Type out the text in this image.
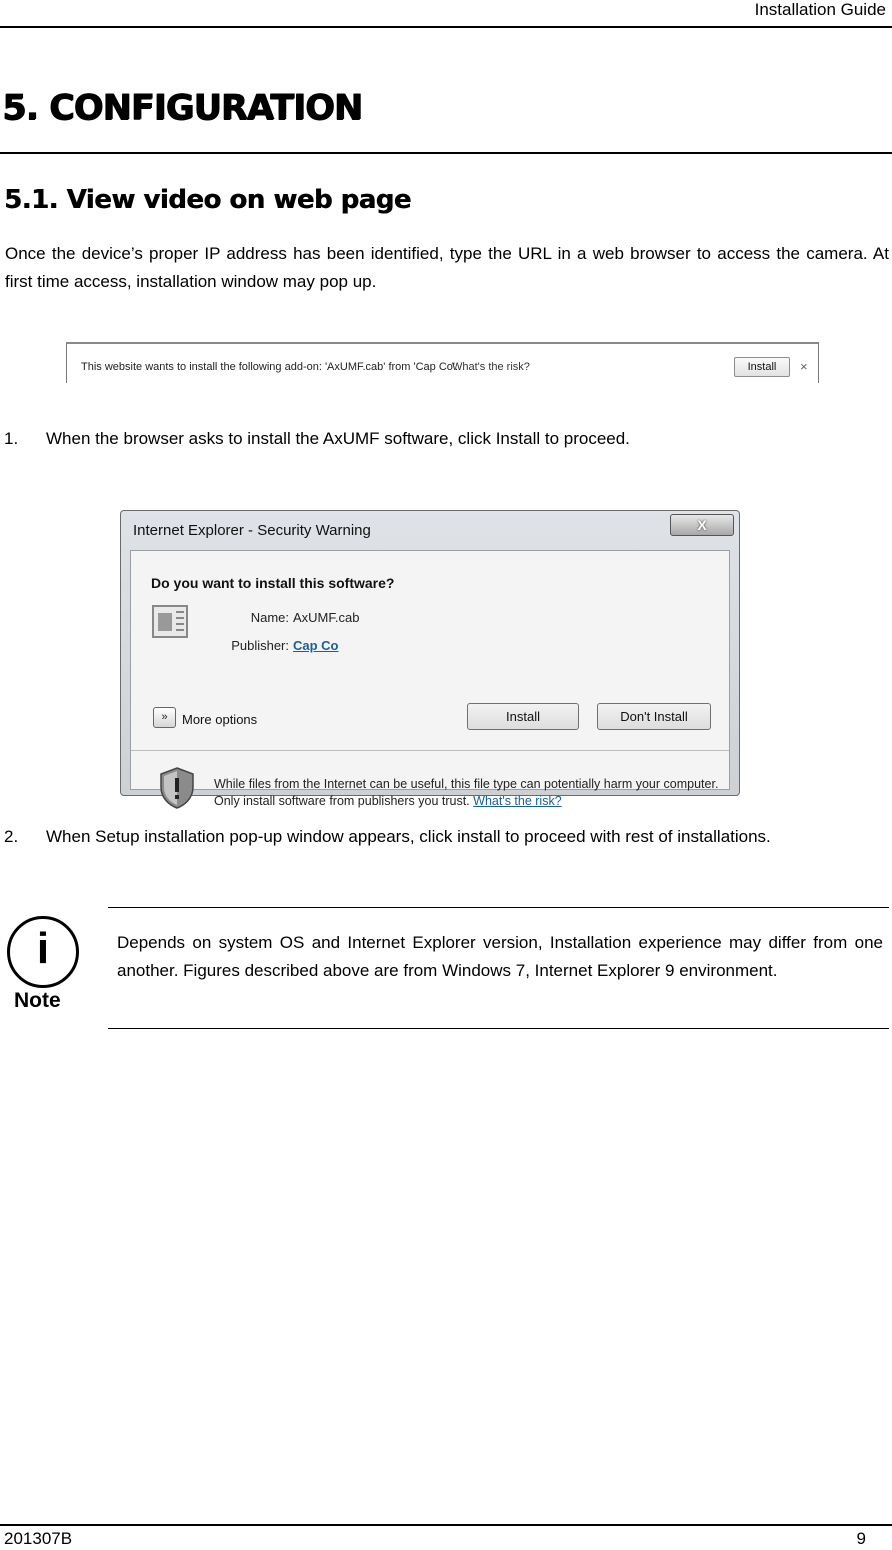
Installation Guide
5. CONFIGURATION
5.1. View video on web page
Once the device’s proper IP address has been identified, type the URL in a web browser to access the camera. At first time access, installation window may pop up.
This website wants to install the following add-on: 'AxUMF.cab' from 'Cap Co'.
What's the risk?	Install	×
1. When the browser asks to install the AxUMF software, click Install to proceed.
Internet Explorer - Security Warning	X
Do you want to install this software?
Name: AxUMF.cab
Publisher: Cap Co
»	More options	Install	Don't Install
While files from the Internet can be useful, this file type can potentially harm your computer. Only install software from publishers you trust. What's the risk?
2. When Setup installation pop-up window appears, click install to proceed with rest of installations.
i
Note
Depends on system OS and Internet Explorer version, Installation experience may differ from one another. Figures described above are from Windows 7, Internet Explorer 9 environment.
201307B	9
